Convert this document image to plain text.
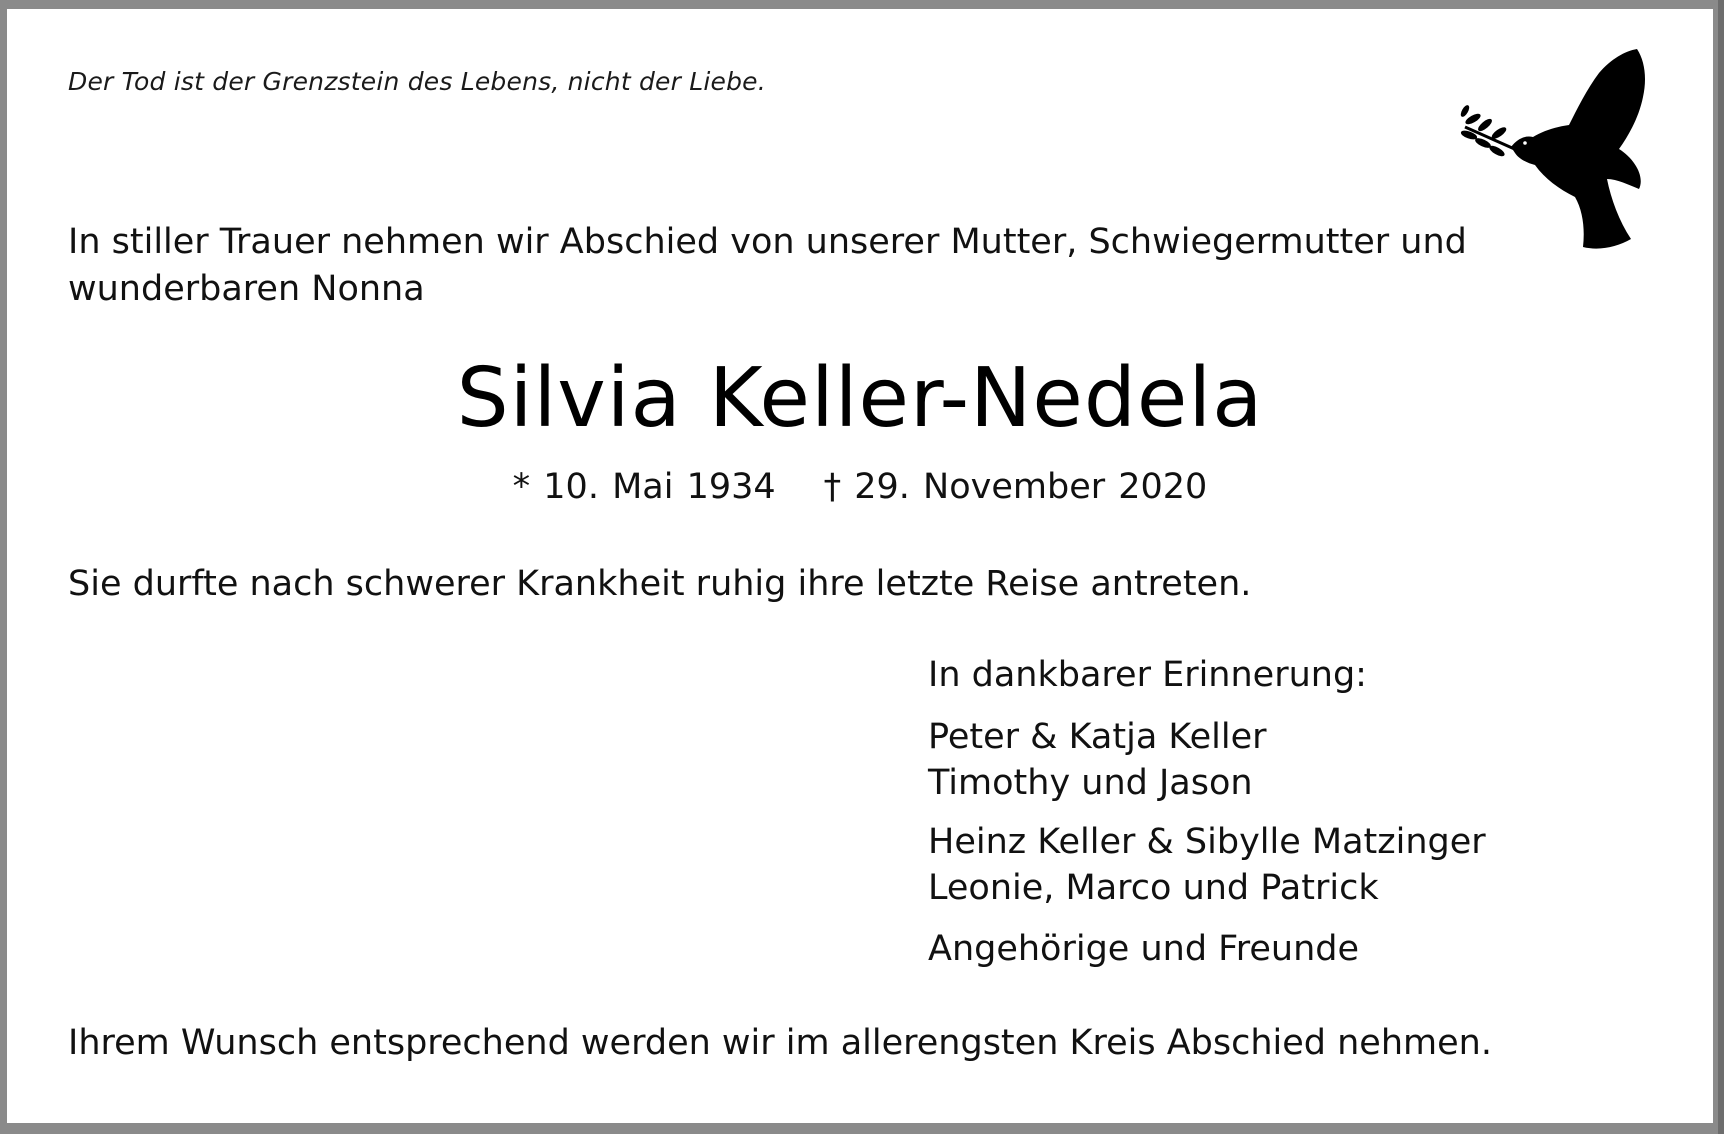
Der Tod ist der Grenzstein des Lebens, nicht der Liebe.
In stiller Trauer nehmen wir Abschied von unserer Mutter, Schwiegermutter und wunderbaren Nonna
Silvia Keller-Nedela
* 10. Mai 1934 † 29. November 2020
Sie durfte nach schwerer Krankheit ruhig ihre letzte Reise antreten.
In dankbarer Erinnerung:
Peter & Katja Keller
Timothy und Jason
Heinz Keller & Sibylle Matzinger
Leonie, Marco und Patrick
Angehörige und Freunde
Ihrem Wunsch entsprechend werden wir im allerengsten Kreis Abschied nehmen.
